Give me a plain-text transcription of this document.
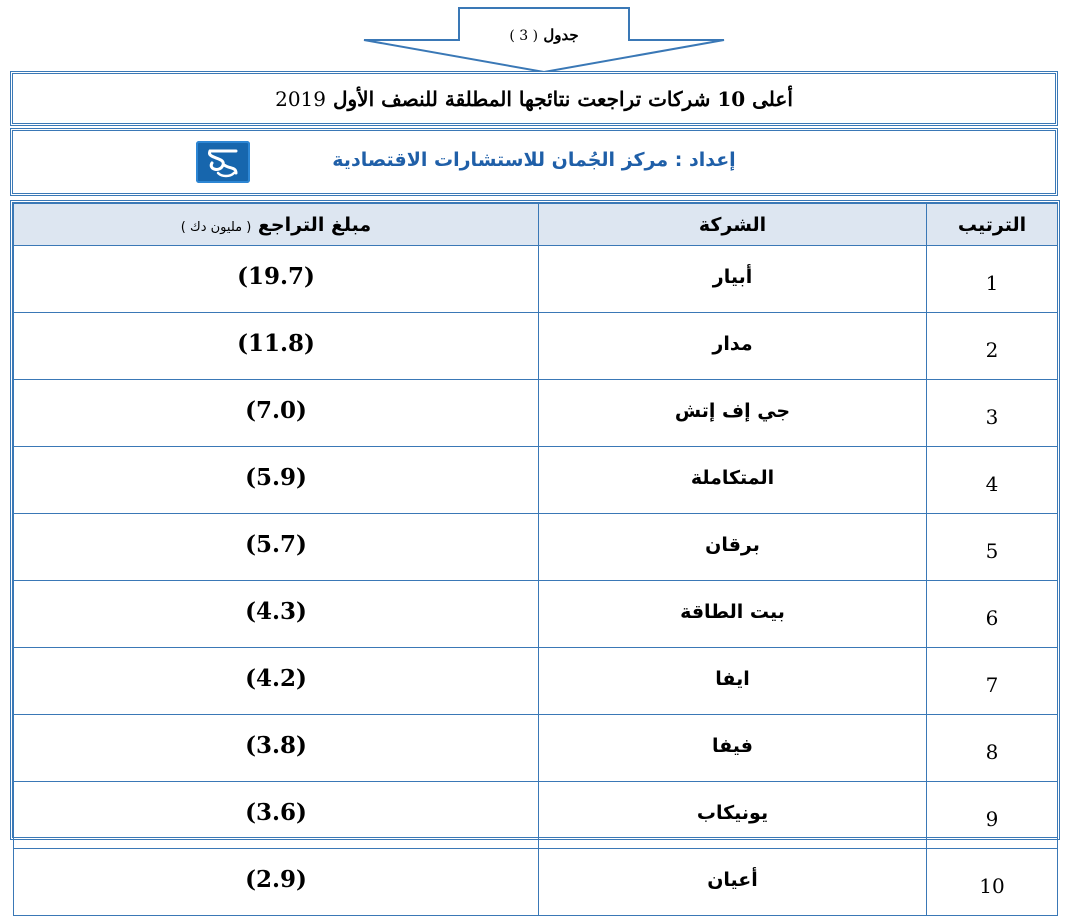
جدول ( 3 )
أعلى 10 شركات تراجعت نتائجها المطلقة للنصف الأول 2019
إعداد : مركز الجُمان للاستشارات الاقتصادية
الترتيب	الشركة	مبلغ التراجع ( مليون دك )
1	أبيار	(19.7)
2	مدار	(11.8)
3	جي إف إتش	(7.0)
4	المتكاملة	(5.9)
5	برقان	(5.7)
6	بيت الطاقة	(4.3)
7	ايفا	(4.2)
8	فيفا	(3.8)
9	يونيكاب	(3.6)
10	أعيان	(2.9)
